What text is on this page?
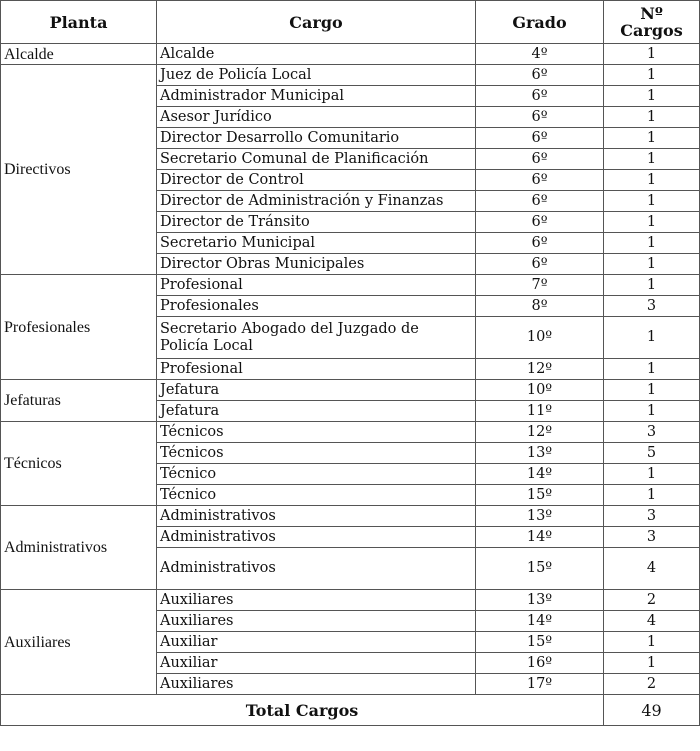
Planta	Cargo	Grado	Nº Cargos
Alcalde	Alcalde	4º	1
Directivos	Juez de Policía Local	6º	1
	Administrador Municipal	6º	1
	Asesor Jurídico	6º	1
	Director Desarrollo Comunitario	6º	1
	Secretario Comunal de Planificación	6º	1
	Director de Control	6º	1
	Director de Administración y Finanzas	6º	1
	Director de Tránsito	6º	1
	Secretario Municipal	6º	1
	Director Obras Municipales	6º	1
Profesionales	Profesional	7º	1
	Profesionales	8º	3
	Secretario Abogado del Juzgado de Policía Local	10º	1
	Profesional	12º	1
Jefaturas	Jefatura	10º	1
	Jefatura	11º	1
Técnicos	Técnicos	12º	3
	Técnicos	13º	5
	Técnico	14º	1
	Técnico	15º	1
Administrativos	Administrativos	13º	3
	Administrativos	14º	3
	Administrativos	15º	4
Auxiliares	Auxiliares	13º	2
	Auxiliares	14º	4
	Auxiliar	15º	1
	Auxiliar	16º	1
	Auxiliares	17º	2
Total Cargos			49
